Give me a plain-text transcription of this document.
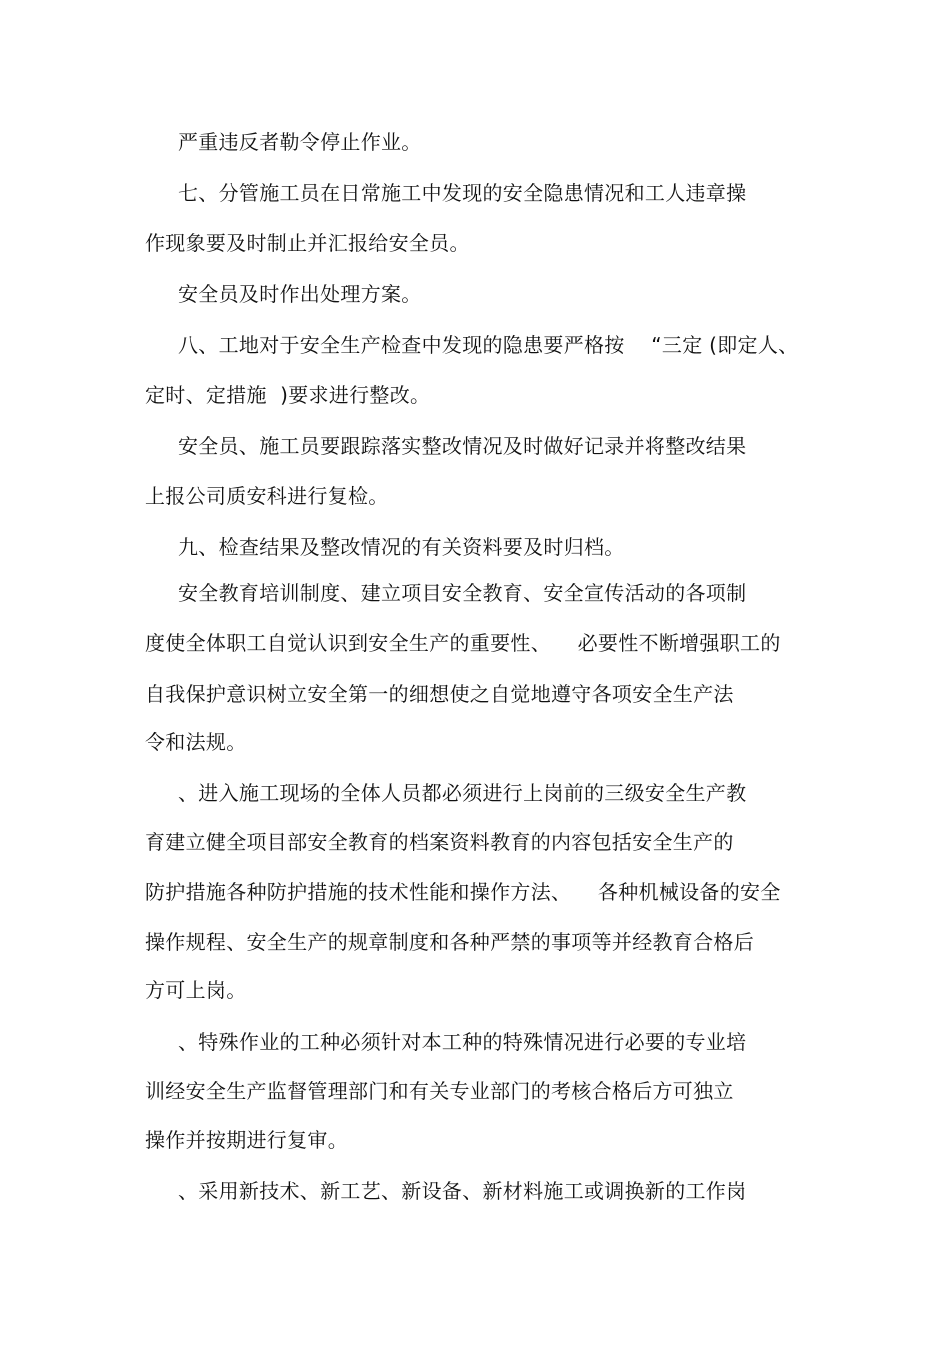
严重违反者勒令停止作业。
七、分管施工员在日常施工中发现的安全隐患情况和工人违章操
作现象要及时制止并汇报给安全员。
安全员及时作出处理方案。
八、工地对于安全生产检查中发现的隐患要严格按    “三定 (即定人、
定时、定措施  )要求进行整改。
安全员、施工员要跟踪落实整改情况及时做好记录并将整改结果
上报公司质安科进行复检。
九、检查结果及整改情况的有关资料要及时归档。
安全教育培训制度、建立项目安全教育、安全宣传活动的各项制
度使全体职工自觉认识到安全生产的重要性、    必要性不断增强职工的
自我保护意识树立安全第一的细想使之自觉地遵守各项安全生产法
令和法规。
、进入施工现场的全体人员都必须进行上岗前的三级安全生产教
育建立健全项目部安全教育的档案资料教育的内容包括安全生产的
防护措施各种防护措施的技术性能和操作方法、    各种机械设备的安全
操作规程、安全生产的规章制度和各种严禁的事项等并经教育合格后
方可上岗。
、特殊作业的工种必须针对本工种的特殊情况进行必要的专业培
训经安全生产监督管理部门和有关专业部门的考核合格后方可独立
操作并按期进行复审。
、采用新技术、新工艺、新设备、新材料施工或调换新的工作岗
